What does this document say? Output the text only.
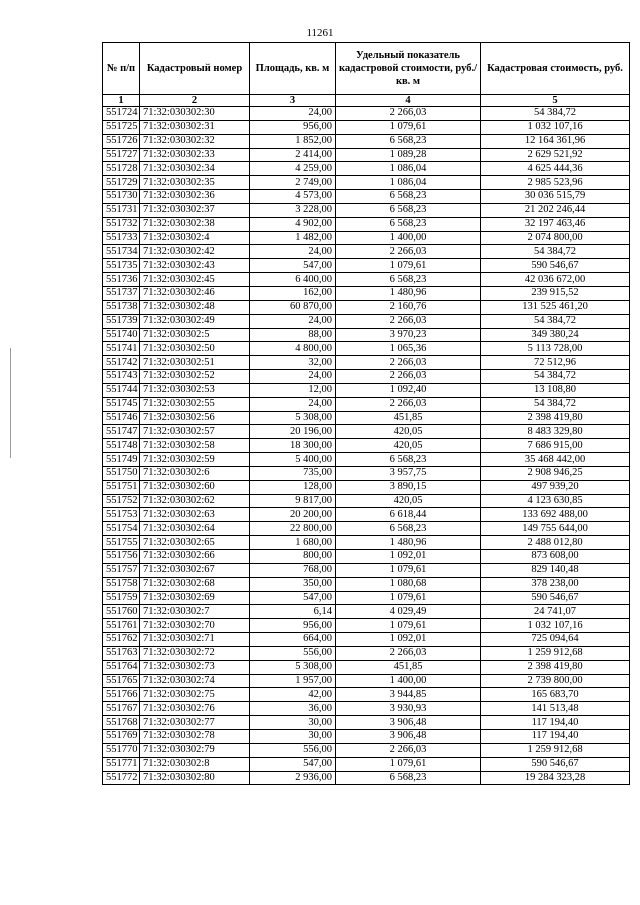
11261
№ п/п	Кадастровый номер	Площадь, кв. м	Удельный показатель кадастровой стоимости, руб./кв. м	Кадастровая стоимость, руб.
1	2	3	4	5
551724	71:32:030302:30	24,00	2 266,03	54 384,72
551725	71:32:030302:31	956,00	1 079,61	1 032 107,16
551726	71:32:030302:32	1 852,00	6 568,23	12 164 361,96
551727	71:32:030302:33	2 414,00	1 089,28	2 629 521,92
551728	71:32:030302:34	4 259,00	1 086,04	4 625 444,36
551729	71:32:030302:35	2 749,00	1 086,04	2 985 523,96
551730	71:32:030302:36	4 573,00	6 568,23	30 036 515,79
551731	71:32:030302:37	3 228,00	6 568,23	21 202 246,44
551732	71:32:030302:38	4 902,00	6 568,23	32 197 463,46
551733	71:32:030302:4	1 482,00	1 400,00	2 074 800,00
551734	71:32:030302:42	24,00	2 266,03	54 384,72
551735	71:32:030302:43	547,00	1 079,61	590 546,67
551736	71:32:030302:45	6 400,00	6 568,23	42 036 672,00
551737	71:32:030302:46	162,00	1 480,96	239 915,52
551738	71:32:030302:48	60 870,00	2 160,76	131 525 461,20
551739	71:32:030302:49	24,00	2 266,03	54 384,72
551740	71:32:030302:5	88,00	3 970,23	349 380,24
551741	71:32:030302:50	4 800,00	1 065,36	5 113 728,00
551742	71:32:030302:51	32,00	2 266,03	72 512,96
551743	71:32:030302:52	24,00	2 266,03	54 384,72
551744	71:32:030302:53	12,00	1 092,40	13 108,80
551745	71:32:030302:55	24,00	2 266,03	54 384,72
551746	71:32:030302:56	5 308,00	451,85	2 398 419,80
551747	71:32:030302:57	20 196,00	420,05	8 483 329,80
551748	71:32:030302:58	18 300,00	420,05	7 686 915,00
551749	71:32:030302:59	5 400,00	6 568,23	35 468 442,00
551750	71:32:030302:6	735,00	3 957,75	2 908 946,25
551751	71:32:030302:60	128,00	3 890,15	497 939,20
551752	71:32:030302:62	9 817,00	420,05	4 123 630,85
551753	71:32:030302:63	20 200,00	6 618,44	133 692 488,00
551754	71:32:030302:64	22 800,00	6 568,23	149 755 644,00
551755	71:32:030302:65	1 680,00	1 480,96	2 488 012,80
551756	71:32:030302:66	800,00	1 092,01	873 608,00
551757	71:32:030302:67	768,00	1 079,61	829 140,48
551758	71:32:030302:68	350,00	1 080,68	378 238,00
551759	71:32:030302:69	547,00	1 079,61	590 546,67
551760	71:32:030302:7	6,14	4 029,49	24 741,07
551761	71:32:030302:70	956,00	1 079,61	1 032 107,16
551762	71:32:030302:71	664,00	1 092,01	725 094,64
551763	71:32:030302:72	556,00	2 266,03	1 259 912,68
551764	71:32:030302:73	5 308,00	451,85	2 398 419,80
551765	71:32:030302:74	1 957,00	1 400,00	2 739 800,00
551766	71:32:030302:75	42,00	3 944,85	165 683,70
551767	71:32:030302:76	36,00	3 930,93	141 513,48
551768	71:32:030302:77	30,00	3 906,48	117 194,40
551769	71:32:030302:78	30,00	3 906,48	117 194,40
551770	71:32:030302:79	556,00	2 266,03	1 259 912,68
551771	71:32:030302:8	547,00	1 079,61	590 546,67
551772	71:32:030302:80	2 936,00	6 568,23	19 284 323,28
